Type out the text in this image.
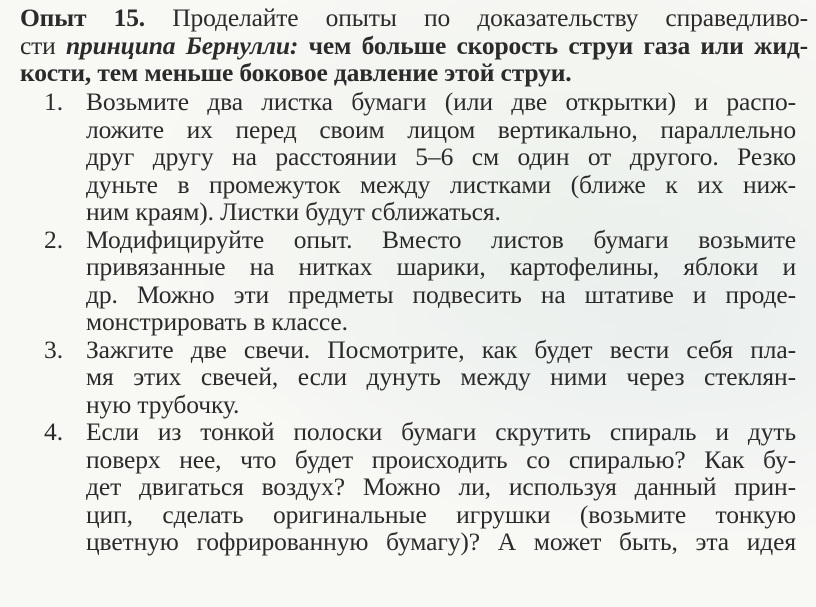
Опыт 15. Проделайте опыты по доказательству справедливо-
сти принципа Бернулли: чем больше скорость струи газа или жид-
кости, тем меньше боковое давление этой струи.
1. Возьмите два листка бумаги (или две открытки) и распо-
ложите их перед своим лицом вертикально, параллельно
друг другу на расстоянии 5–6 см один от другого. Резко
дуньте в промежуток между листками (ближе к их ниж-
ним краям). Листки будут сближаться.
2. Модифицируйте опыт. Вместо листов бумаги возьмите
привязанные на нитках шарики, картофелины, яблоки и
др. Можно эти предметы подвесить на штативе и проде-
монстрировать в классе.
3. Зажгите две свечи. Посмотрите, как будет вести себя пла-
мя этих свечей, если дунуть между ними через стеклян-
ную трубочку.
4. Если из тонкой полоски бумаги скрутить спираль и дуть
поверх нее, что будет происходить со спиралью? Как бу-
дет двигаться воздух? Можно ли, используя данный прин-
цип, сделать оригинальные игрушки (возьмите тонкую
цветную гофрированную бумагу)? А может быть, эта идея
